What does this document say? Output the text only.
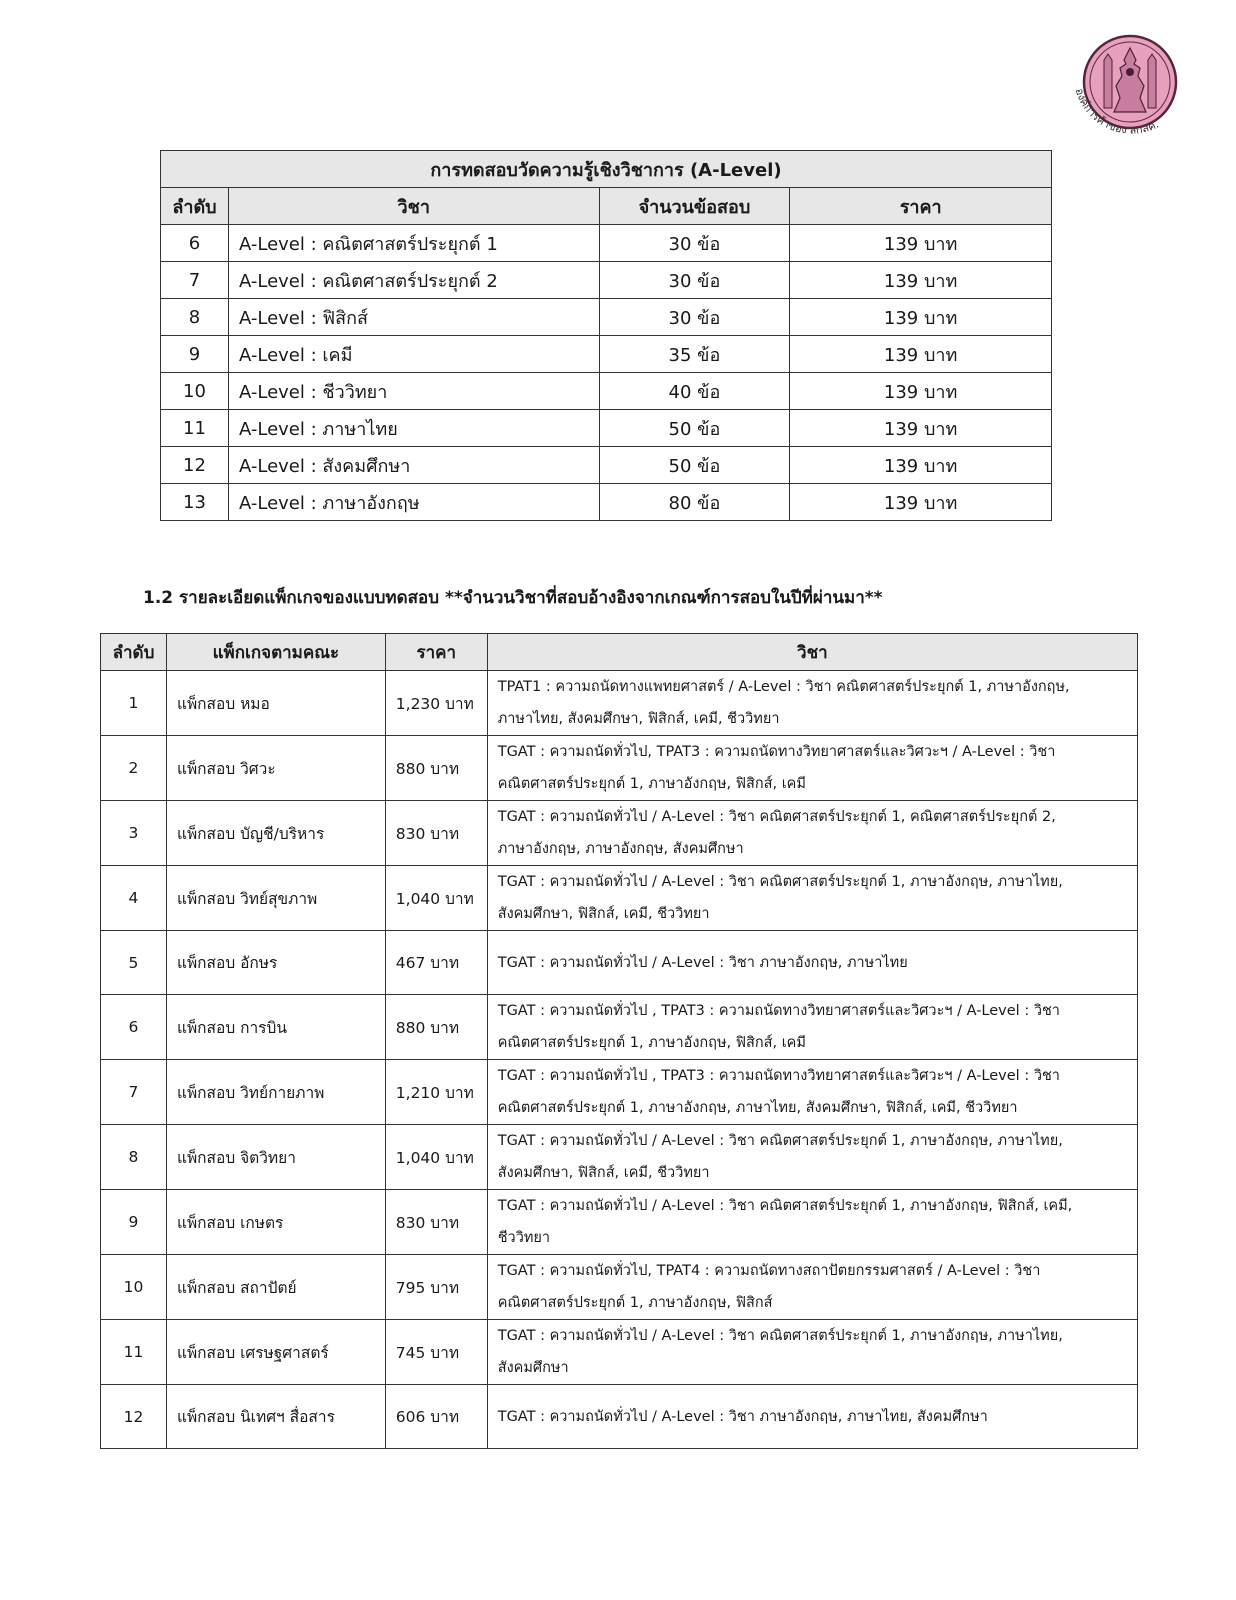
องค์การค้าของ สกสค.
การทดสอบวัดความรู้เชิงวิชาการ (A-Level)			
ลำดับ	วิชา	จำนวนข้อสอบ	ราคา
6	A-Level : คณิตศาสตร์ประยุกต์ 1	30 ข้อ	139 บาท
7	A-Level : คณิตศาสตร์ประยุกต์ 2	30 ข้อ	139 บาท
8	A-Level : ฟิสิกส์	30 ข้อ	139 บาท
9	A-Level : เคมี	35 ข้อ	139 บาท
10	A-Level : ชีววิทยา	40 ข้อ	139 บาท
11	A-Level : ภาษาไทย	50 ข้อ	139 บาท
12	A-Level : สังคมศึกษา	50 ข้อ	139 บาท
13	A-Level : ภาษาอังกฤษ	80 ข้อ	139 บาท
1.2 รายละเอียดแพ็กเกจของแบบทดสอบ **จำนวนวิชาที่สอบอ้างอิงจากเกณฑ์การสอบในปีที่ผ่านมา**
ลำดับ	แพ็กเกจตามคณะ	ราคา	วิชา
1	แพ็กสอบ หมอ	1,230 บาท	TPAT1 : ความถนัดทางแพทยศาสตร์ / A-Level : วิชา คณิตศาสตร์ประยุกต์ 1, ภาษาอังกฤษ,
ภาษาไทย, สังคมศึกษา, ฟิสิกส์, เคมี, ชีววิทยา

2	แพ็กสอบ วิศวะ	880 บาท	TGAT : ความถนัดทั่วไป, TPAT3 : ความถนัดทางวิทยาศาสตร์และวิศวะฯ / A-Level : วิชา
คณิตศาสตร์ประยุกต์ 1, ภาษาอังกฤษ, ฟิสิกส์, เคมี

3	แพ็กสอบ บัญชี/บริหาร	830 บาท	TGAT : ความถนัดทั่วไป / A-Level : วิชา คณิตศาสตร์ประยุกต์ 1, คณิตศาสตร์ประยุกต์ 2,
ภาษาอังกฤษ, ภาษาอังกฤษ, สังคมศึกษา

4	แพ็กสอบ วิทย์สุขภาพ	1,040 บาท	TGAT : ความถนัดทั่วไป / A-Level : วิชา คณิตศาสตร์ประยุกต์ 1, ภาษาอังกฤษ, ภาษาไทย,
สังคมศึกษา, ฟิสิกส์, เคมี, ชีววิทยา

5	แพ็กสอบ อักษร	467 บาท	TGAT : ความถนัดทั่วไป / A-Level : วิชา ภาษาอังกฤษ, ภาษาไทย

6	แพ็กสอบ การบิน	880 บาท	TGAT : ความถนัดทั่วไป , TPAT3 : ความถนัดทางวิทยาศาสตร์และวิศวะฯ / A-Level : วิชา
คณิตศาสตร์ประยุกต์ 1, ภาษาอังกฤษ, ฟิสิกส์, เคมี

7	แพ็กสอบ วิทย์กายภาพ	1,210 บาท	TGAT : ความถนัดทั่วไป , TPAT3 : ความถนัดทางวิทยาศาสตร์และวิศวะฯ / A-Level : วิชา
คณิตศาสตร์ประยุกต์ 1, ภาษาอังกฤษ, ภาษาไทย, สังคมศึกษา, ฟิสิกส์, เคมี, ชีววิทยา

8	แพ็กสอบ จิตวิทยา	1,040 บาท	TGAT : ความถนัดทั่วไป / A-Level : วิชา คณิตศาสตร์ประยุกต์ 1, ภาษาอังกฤษ, ภาษาไทย,
สังคมศึกษา, ฟิสิกส์, เคมี, ชีววิทยา

9	แพ็กสอบ เกษตร	830 บาท	TGAT : ความถนัดทั่วไป / A-Level : วิชา คณิตศาสตร์ประยุกต์ 1, ภาษาอังกฤษ, ฟิสิกส์, เคมี,
ชีววิทยา

10	แพ็กสอบ สถาปัตย์	795 บาท	TGAT : ความถนัดทั่วไป, TPAT4 : ความถนัดทางสถาปัตยกรรมศาสตร์ / A-Level : วิชา
คณิตศาสตร์ประยุกต์ 1, ภาษาอังกฤษ, ฟิสิกส์

11	แพ็กสอบ เศรษฐศาสตร์	745 บาท	TGAT : ความถนัดทั่วไป / A-Level : วิชา คณิตศาสตร์ประยุกต์ 1, ภาษาอังกฤษ, ภาษาไทย,
สังคมศึกษา

12	แพ็กสอบ นิเทศฯ สื่อสาร	606 บาท	TGAT : ความถนัดทั่วไป / A-Level : วิชา ภาษาอังกฤษ, ภาษาไทย, สังคมศึกษา
